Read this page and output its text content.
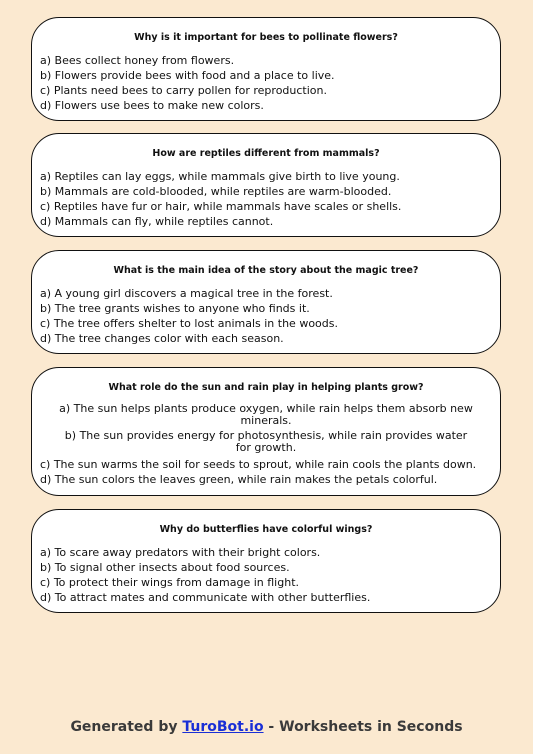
Why is it important for bees to pollinate flowers?
a) Bees collect honey from flowers.
b) Flowers provide bees with food and a place to live.
c) Plants need bees to carry pollen for reproduction.
d) Flowers use bees to make new colors.
How are reptiles different from mammals?
a) Reptiles can lay eggs, while mammals give birth to live young.
b) Mammals are cold-blooded, while reptiles are warm-blooded.
c) Reptiles have fur or hair, while mammals have scales or shells.
d) Mammals can fly, while reptiles cannot.
What is the main idea of the story about the magic tree?
a) A young girl discovers a magical tree in the forest.
b) The tree grants wishes to anyone who finds it.
c) The tree offers shelter to lost animals in the woods.
d) The tree changes color with each season.
What role do the sun and rain play in helping plants grow?
a) The sun helps plants produce oxygen, while rain helps them absorb new minerals.
b) The sun provides energy for photosynthesis, while rain provides water for growth.
c) The sun warms the soil for seeds to sprout, while rain cools the plants down.
d) The sun colors the leaves green, while rain makes the petals colorful.
Why do butterflies have colorful wings?
a) To scare away predators with their bright colors.
b) To signal other insects about food sources.
c) To protect their wings from damage in flight.
d) To attract mates and communicate with other butterflies.
Generated by TuroBot.io - Worksheets in Seconds
